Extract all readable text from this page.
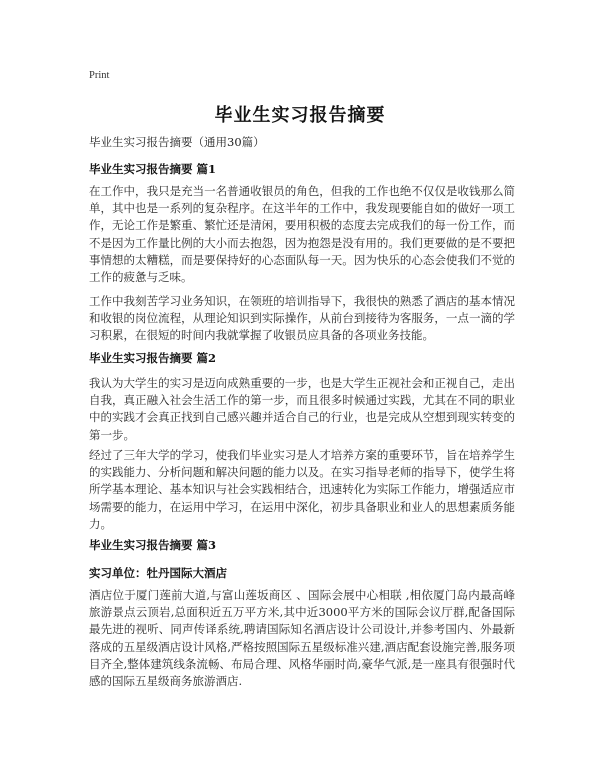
Print
毕业生实习报告摘要
毕业生实习报告摘要（通用30篇）
毕业生实习报告摘要 篇1
在工作中，我只是充当一名普通收银员的角色，但我的工作也绝不仅仅是收钱那么简单，其中也是一系列的复杂程序。在这半年的工作中，我发现要能自如的做好一项工作，无论工作是繁重、繁忙还是清闲，要用积极的态度去完成我们的每一份工作，而不是因为工作量比例的大小而去抱怨，因为抱怨是没有用的。我们更要做的是不要把事情想的太糟糕，而是要保持好的心态面队每一天。因为快乐的心态会使我们不觉的工作的疲惫与乏味。
工作中我刻苦学习业务知识，在领班的培训指导下，我很快的熟悉了酒店的基本情况和收银的岗位流程，从理论知识到实际操作，从前台到接待为客服务，一点一滴的学习积累，在很短的时间内我就掌握了收银员应具备的各项业务技能。
毕业生实习报告摘要 篇2
我认为大学生的实习是迈向成熟重要的一步，也是大学生正视社会和正视自己，走出自我，真正融入社会生活工作的第一步，而且很多时候通过实践，尤其在不同的职业中的实践才会真正找到自己感兴趣并适合自己的行业，也是完成从空想到现实转变的第一步。
经过了三年大学的学习，使我们毕业实习是人才培养方案的重要环节，旨在培养学生的实践能力、分析问题和解决问题的能力以及。在实习指导老师的指导下，使学生将所学基本理论、基本知识与社会实践相结合，迅速转化为实际工作能力，增强适应市场需要的能力，在运用中学习，在运用中深化，初步具备职业和业人的思想素质务能力。
毕业生实习报告摘要 篇3
实习单位：牡丹国际大酒店
酒店位于厦门莲前大道,与富山莲坂商区 、国际会展中心相联 ,相依厦门岛内最高峰旅游景点云顶岩,总面积近五万平方米,其中近3000平方米的国际会议厅群,配备国际最先进的视听、同声传译系统,聘请国际知名酒店设计公司设计,并参考国内、外最新落成的五星级酒店设计风格,严格按照国际五星级标准兴建,酒店配套设施完善,服务项目齐全,整体建筑线条流畅、布局合理、风格华丽时尚,豪华气派,是一座具有很强时代感的国际五星级商务旅游酒店.
